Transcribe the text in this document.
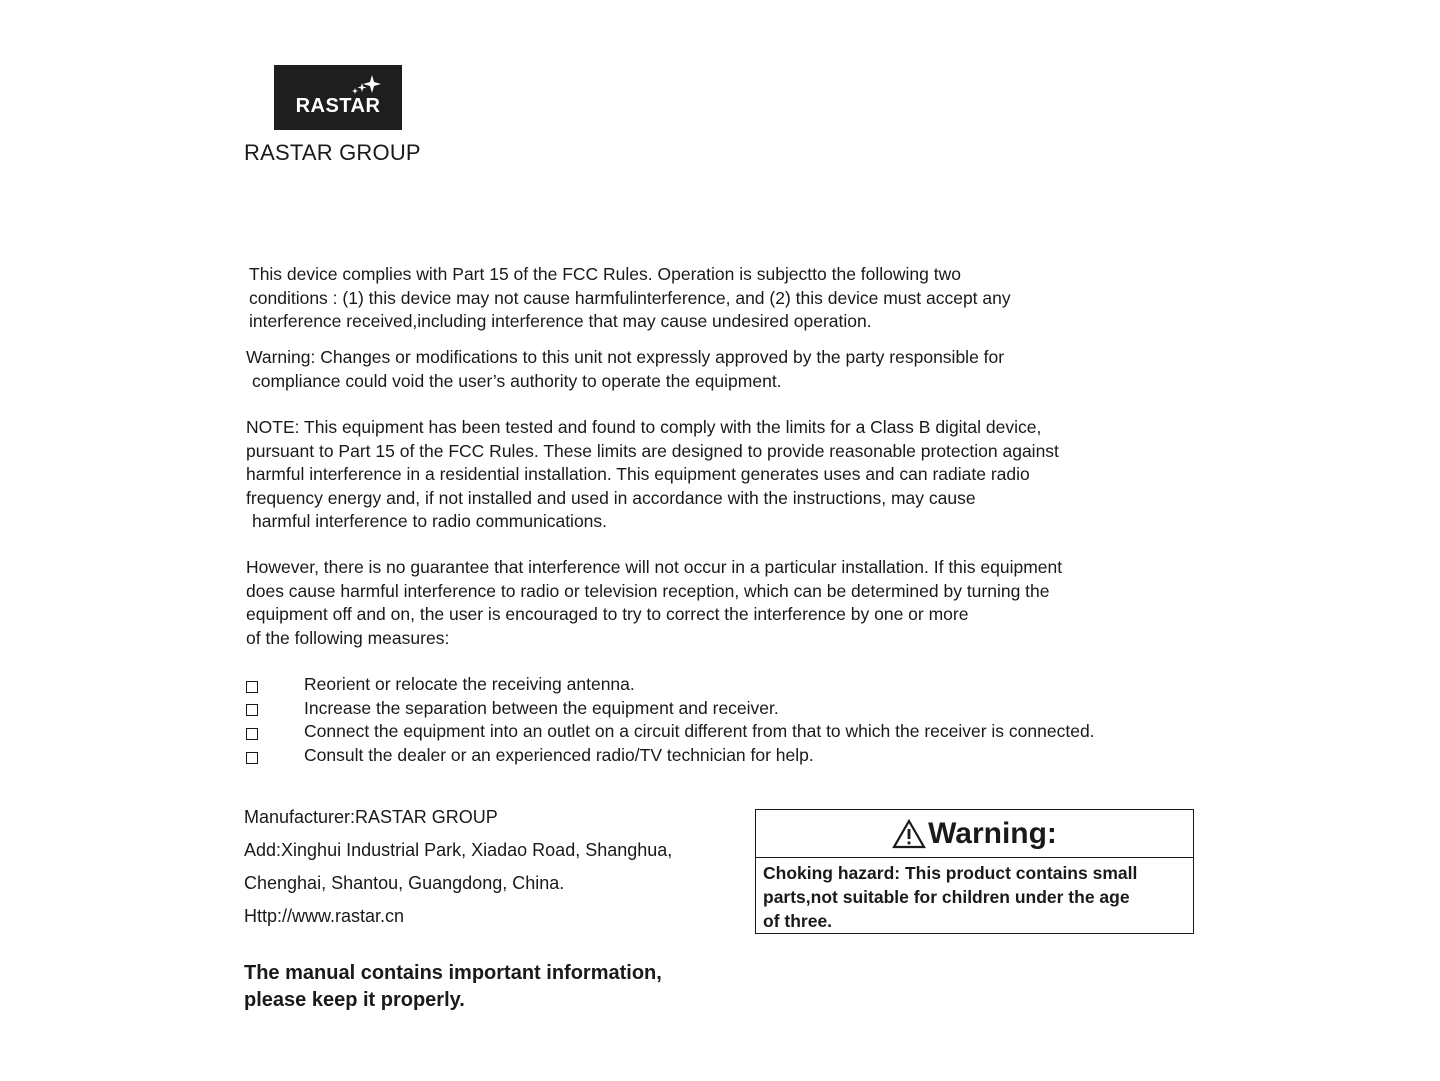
RASTAR
RASTAR GROUP

This device complies with Part 15 of the FCC Rules. Operation is subjectto the following two
conditions : (1) this device may not cause harmfulinterference, and (2) this device must accept any
interference received,including interference that may cause undesired operation.

Warning: Changes or modifications to this unit not expressly approved by the party responsible for
compliance could void the user’s authority to operate the equipment.

NOTE: This equipment has been tested and found to comply with the limits for a Class B digital device,
pursuant to Part 15 of the FCC Rules. These limits are designed to provide reasonable protection against
harmful interference in a residential installation. This equipment generates uses and can radiate radio
frequency energy and, if not installed and used in accordance with the instructions, may cause
harmful interference to radio communications.

However, there is no guarantee that interference will not occur in a particular installation. If this equipment
does cause harmful interference to radio or television reception, which can be determined by turning the
equipment off and on, the user is encouraged to try to correct the interference by one or more
of the following measures:

Reorient or relocate the receiving antenna.
Increase the separation between the equipment and receiver.
Connect the equipment into an outlet on a circuit different from that to which the receiver is connected.
Consult the dealer or an experienced radio/TV technician for help.
Manufacturer:RASTAR GROUP
Add:Xinghui Industrial Park, Xiadao Road, Shanghua,
Chenghai, Shantou, Guangdong, China.
Http://www.rastar.cn
The manual contains important information,
please keep it properly.
Warning:
Choking hazard: This product contains small
parts,not suitable for children under the age
of three.
